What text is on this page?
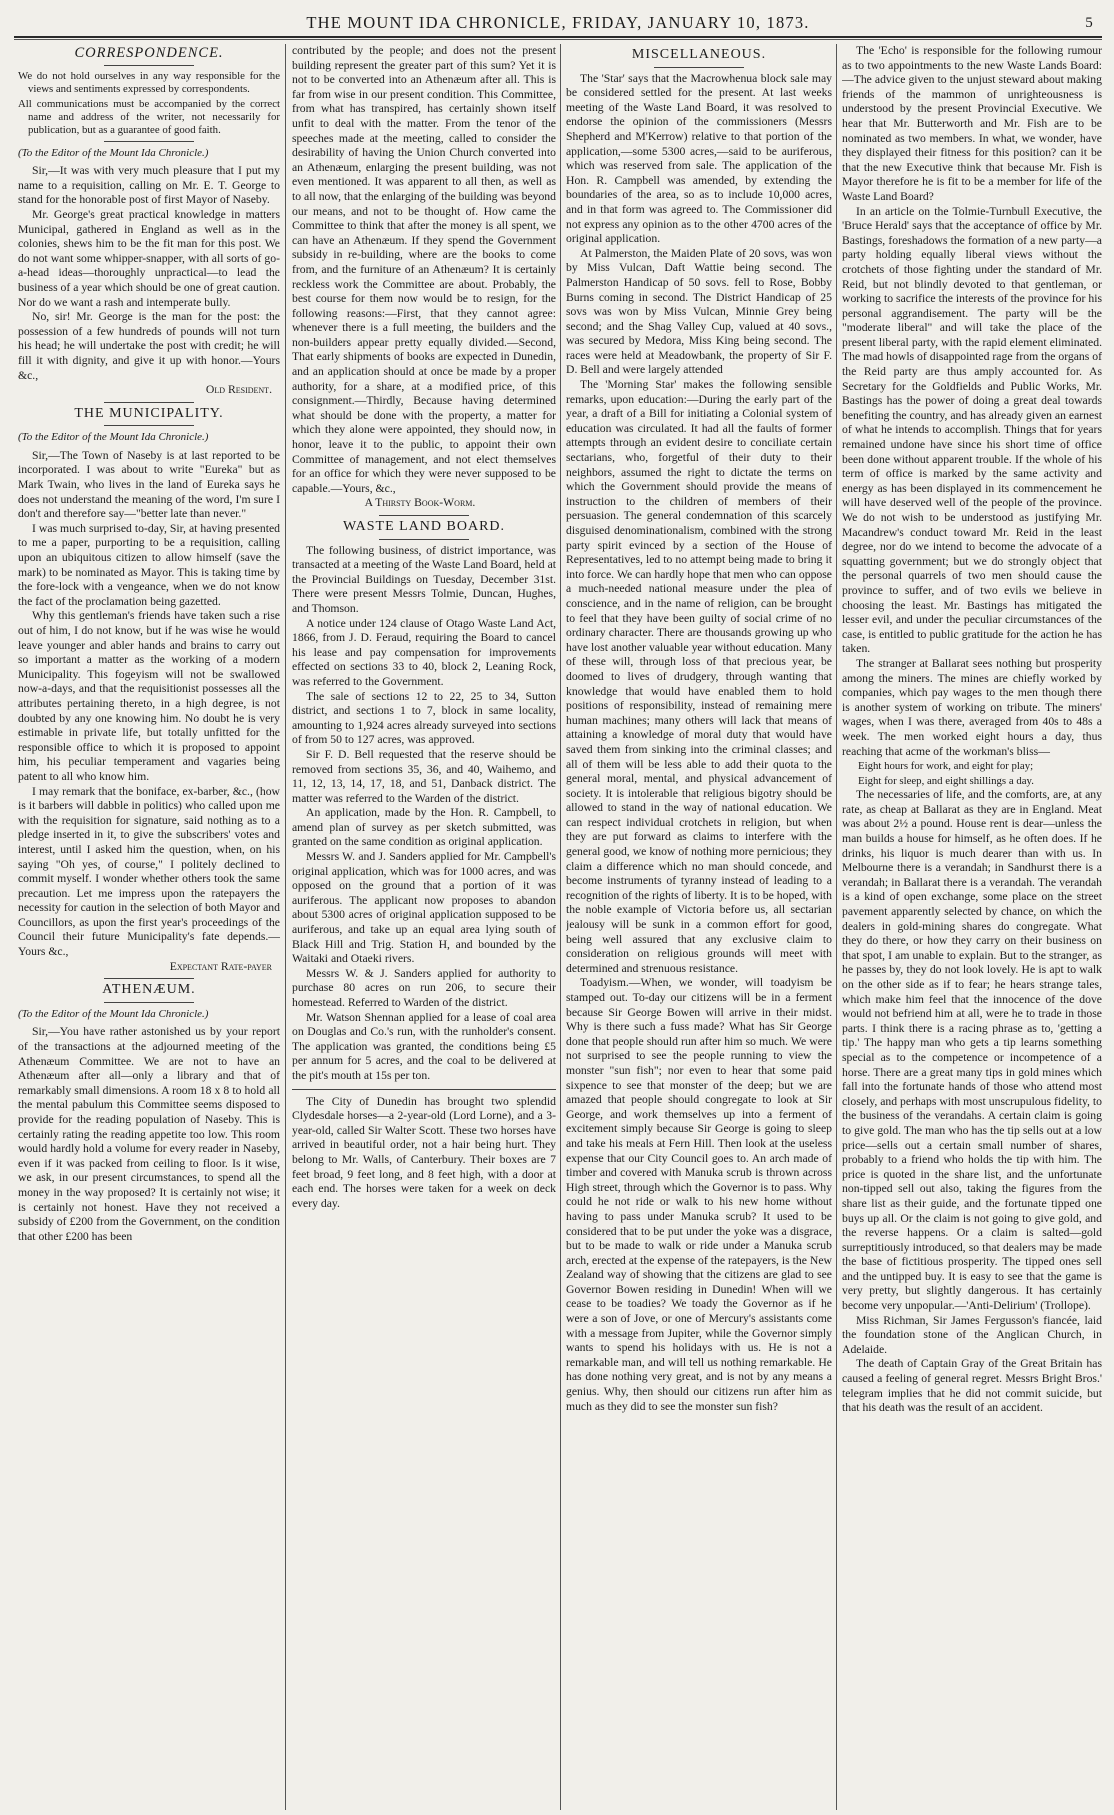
THE MOUNT IDA CHRONICLE, FRIDAY, JANUARY 10, 1873.	5
CORRESPONDENCE.

We do not hold ourselves in any way responsible for the views and sentiments expressed by correspondents.

All communications must be accompanied by the correct name and address of the writer, not necessarily for publication, but as a guarantee of good faith.

(To the Editor of the Mount Ida Chronicle.)

Sir,—It was with very much pleasure that I put my name to a requisition, calling on Mr. E. T. George to stand for the honorable post of first Mayor of Naseby.

Mr. George's great practical knowledge in matters Municipal, gathered in England as well as in the colonies, shews him to be the fit man for this post. We do not want some whipper-snapper, with all sorts of go-a-head ideas—thoroughly unpractical—to lead the business of a year which should be one of great caution. Nor do we want a rash and intemperate bully.

No, sir! Mr. George is the man for the post: the possession of a few hundreds of pounds will not turn his head; he will undertake the post with credit; he will fill it with dignity, and give it up with honor.—Yours &c.,

Old Resident.

THE MUNICIPALITY.

(To the Editor of the Mount Ida Chronicle.)

Sir,—The Town of Naseby is at last reported to be incorporated. I was about to write "Eureka" but as Mark Twain, who lives in the land of Eureka says he does not understand the meaning of the word, I'm sure I don't and therefore say—"better late than never."

I was much surprised to-day, Sir, at having presented to me a paper, purporting to be a requisition, calling upon an ubiquitous citizen to allow himself (save the mark) to be nominated as Mayor. This is taking time by the fore-lock with a vengeance, when we do not know the fact of the proclamation being gazetted.

Why this gentleman's friends have taken such a rise out of him, I do not know, but if he was wise he would leave younger and abler hands and brains to carry out so important a matter as the working of a modern Municipality. This fogeyism will not be swallowed now-a-days, and that the requisitionist possesses all the attributes pertaining thereto, in a high degree, is not doubted by any one knowing him. No doubt he is very estimable in private life, but totally unfitted for the responsible office to which it is proposed to appoint him, his peculiar temperament and vagaries being patent to all who know him.

I may remark that the boniface, ex-barber, &c., (how is it barbers will dabble in politics) who called upon me with the requisition for signature, said nothing as to a pledge inserted in it, to give the subscribers' votes and interest, until I asked him the question, when, on his saying "Oh yes, of course," I politely declined to commit myself. I wonder whether others took the same precaution. Let me impress upon the ratepayers the necessity for caution in the selection of both Mayor and Councillors, as upon the first year's proceedings of the Council their future Municipality's fate depends.—Yours &c.,

Expectant Rate-payer

ATHENÆUM.

(To the Editor of the Mount Ida Chronicle.)

Sir,—You have rather astonished us by your report of the transactions at the adjourned meeting of the Athenæum Committee. We are not to have an Athenæum after all—only a library and that of remarkably small dimensions. A room 18 x 8 to hold all the mental pabulum this Committee seems disposed to provide for the reading population of Naseby. This is certainly rating the reading appetite too low. This room would hardly hold a volume for every reader in Naseby, even if it was packed from ceiling to floor. Is it wise, we ask, in our present circumstances, to spend all the money in the way proposed? It is certainly not wise; it is certainly not honest. Have they not received a subsidy of £200 from the Government, on the condition that other £200 has been

contributed by the people; and does not the present building represent the greater part of this sum? Yet it is not to be converted into an Athenæum after all. This is far from wise in our present condition. This Committee, from what has transpired, has certainly shown itself unfit to deal with the matter. From the tenor of the speeches made at the meeting, called to consider the desirability of having the Union Church converted into an Athenæum, enlarging the present building, was not even mentioned. It was apparent to all then, as well as to all now, that the enlarging of the building was beyond our means, and not to be thought of. How came the Committee to think that after the money is all spent, we can have an Athenæum. If they spend the Government subsidy in re-building, where are the books to come from, and the furniture of an Athenæum? It is certainly reckless work the Committee are about. Probably, the best course for them now would be to resign, for the following reasons:—First, that they cannot agree: whenever there is a full meeting, the builders and the non-builders appear pretty equally divided.—Second, That early shipments of books are expected in Dunedin, and an application should at once be made by a proper authority, for a share, at a modified price, of this consignment.—Thirdly, Because having determined what should be done with the property, a matter for which they alone were appointed, they should now, in honor, leave it to the public, to appoint their own Committee of management, and not elect themselves for an office for which they were never supposed to be capable.—Yours, &c.,

A Thirsty Book-Worm.

WASTE LAND BOARD.

The following business, of district importance, was transacted at a meeting of the Waste Land Board, held at the Provincial Buildings on Tuesday, December 31st. There were present Messrs Tolmie, Duncan, Hughes, and Thomson.

A notice under 124 clause of Otago Waste Land Act, 1866, from J. D. Feraud, requiring the Board to cancel his lease and pay compensation for improvements effected on sections 33 to 40, block 2, Leaning Rock, was referred to the Government.

The sale of sections 12 to 22, 25 to 34, Sutton district, and sections 1 to 7, block in same locality, amounting to 1,924 acres already surveyed into sections of from 50 to 127 acres, was approved.

Sir F. D. Bell requested that the reserve should be removed from sections 35, 36, and 40, Waihemo, and 11, 12, 13, 14, 17, 18, and 51, Danback district. The matter was referred to the Warden of the district.

An application, made by the Hon. R. Campbell, to amend plan of survey as per sketch submitted, was granted on the same condition as original application.

Messrs W. and J. Sanders applied for Mr. Campbell's original application, which was for 1000 acres, and was opposed on the ground that a portion of it was auriferous. The applicant now proposes to abandon about 5300 acres of original application supposed to be auriferous, and take up an equal area lying south of Black Hill and Trig. Station H, and bounded by the Waitaki and Otaeki rivers.

Messrs W. & J. Sanders applied for authority to purchase 80 acres on run 206, to secure their homestead. Referred to Warden of the district.

Mr. Watson Shennan applied for a lease of coal area on Douglas and Co.'s run, with the runholder's consent. The application was granted, the conditions being £5 per annum for 5 acres, and the coal to be delivered at the pit's mouth at 15s per ton.

The City of Dunedin has brought two splendid Clydesdale horses—a 2-year-old (Lord Lorne), and a 3-year-old, called Sir Walter Scott. These two horses have arrived in beautiful order, not a hair being hurt. They belong to Mr. Walls, of Canterbury. Their boxes are 7 feet broad, 9 feet long, and 8 feet high, with a door at each end. The horses were taken for a week on deck every day.

MISCELLANEOUS.

The 'Star' says that the Macrowhenua block sale may be considered settled for the present. At last weeks meeting of the Waste Land Board, it was resolved to endorse the opinion of the commissioners (Messrs Shepherd and M'Kerrow) relative to that portion of the application,—some 5300 acres,—said to be auriferous, which was reserved from sale. The application of the Hon. R. Campbell was amended, by extending the boundaries of the area, so as to include 10,000 acres, and in that form was agreed to. The Commissioner did not express any opinion as to the other 4700 acres of the original application.

At Palmerston, the Maiden Plate of 20 sovs, was won by Miss Vulcan, Daft Wattie being second. The Palmerston Handicap of 50 sovs. fell to Rose, Bobby Burns coming in second. The District Handicap of 25 sovs was won by Miss Vulcan, Minnie Grey being second; and the Shag Valley Cup, valued at 40 sovs., was secured by Medora, Miss King being second. The races were held at Meadowbank, the property of Sir F. D. Bell and were largely attended

The 'Morning Star' makes the following sensible remarks, upon education:—During the early part of the year, a draft of a Bill for initiating a Colonial system of education was circulated. It had all the faults of former attempts through an evident desire to conciliate certain sectarians, who, forgetful of their duty to their neighbors, assumed the right to dictate the terms on which the Government should provide the means of instruction to the children of members of their persuasion. The general condemnation of this scarcely disguised denominationalism, combined with the strong party spirit evinced by a section of the House of Representatives, led to no attempt being made to bring it into force. We can hardly hope that men who can oppose a much-needed national measure under the plea of conscience, and in the name of religion, can be brought to feel that they have been guilty of social crime of no ordinary character. There are thousands growing up who have lost another valuable year without education. Many of these will, through loss of that precious year, be doomed to lives of drudgery, through wanting that knowledge that would have enabled them to hold positions of responsibility, instead of remaining mere human machines; many others will lack that means of attaining a knowledge of moral duty that would have saved them from sinking into the criminal classes; and all of them will be less able to add their quota to the general moral, mental, and physical advancement of society. It is intolerable that religious bigotry should be allowed to stand in the way of national education. We can respect individual crotchets in religion, but when they are put forward as claims to interfere with the general good, we know of nothing more pernicious; they claim a difference which no man should concede, and become instruments of tyranny instead of leading to a recognition of the rights of liberty. It is to be hoped, with the noble example of Victoria before us, all sectarian jealousy will be sunk in a common effort for good, being well assured that any exclusive claim to consideration on religious grounds will meet with determined and strenuous resistance.

Toadyism.—When, we wonder, will toadyism be stamped out. To-day our citizens will be in a ferment because Sir George Bowen will arrive in their midst. Why is there such a fuss made? What has Sir George done that people should run after him so much. We were not surprised to see the people running to view the monster "sun fish"; nor even to hear that some paid sixpence to see that monster of the deep; but we are amazed that people should congregate to look at Sir George, and work themselves up into a ferment of excitement simply because Sir George is going to sleep and take his meals at Fern Hill. Then look at the useless expense that our City Council goes to. An arch made of timber and covered with Manuka scrub is thrown across High street, through which the Governor is to pass. Why could he not ride or walk to his new home without having to pass under Manuka scrub? It used to be considered that to be put under the yoke was a disgrace, but to be made to walk or ride under a Manuka scrub arch, erected at the expense of the ratepayers, is the New Zealand way of showing that the citizens are glad to see Governor Bowen residing in Dunedin! When will we cease to be toadies? We toady the Governor as if he were a son of Jove, or one of Mercury's assistants come with a message from Jupiter, while the Governor simply wants to spend his holidays with us. He is not a remarkable man, and will tell us nothing remarkable. He has done nothing very great, and is not by any means a genius. Why, then should our citizens run after him as much as they did to see the monster sun fish?

The 'Echo' is responsible for the following rumour as to two appointments to the new Waste Lands Board:—The advice given to the unjust steward about making friends of the mammon of unrighteousness is understood by the present Provincial Executive. We hear that Mr. Butterworth and Mr. Fish are to be nominated as two members. In what, we wonder, have they displayed their fitness for this position? can it be that the new Executive think that because Mr. Fish is Mayor therefore he is fit to be a member for life of the Waste Land Board?

In an article on the Tolmie-Turnbull Executive, the 'Bruce Herald' says that the acceptance of office by Mr. Bastings, foreshadows the formation of a new party—a party holding equally liberal views without the crotchets of those fighting under the standard of Mr. Reid, but not blindly devoted to that gentleman, or working to sacrifice the interests of the province for his personal aggrandisement. The party will be the "moderate liberal" and will take the place of the present liberal party, with the rapid element eliminated. The mad howls of disappointed rage from the organs of the Reid party are thus amply accounted for. As Secretary for the Goldfields and Public Works, Mr. Bastings has the power of doing a great deal towards benefiting the country, and has already given an earnest of what he intends to accomplish. Things that for years remained undone have since his short time of office been done without apparent trouble. If the whole of his term of office is marked by the same activity and energy as has been displayed in its commencement he will have deserved well of the people of the province. We do not wish to be understood as justifying Mr. Macandrew's conduct toward Mr. Reid in the least degree, nor do we intend to become the advocate of a squatting government; but we do strongly object that the personal quarrels of two men should cause the province to suffer, and of two evils we believe in choosing the least. Mr. Bastings has mitigated the lesser evil, and under the peculiar circumstances of the case, is entitled to public gratitude for the action he has taken.

The stranger at Ballarat sees nothing but prosperity among the miners. The mines are chiefly worked by companies, which pay wages to the men though there is another system of working on tribute. The miners' wages, when I was there, averaged from 40s to 48s a week. The men worked eight hours a day, thus reaching that acme of the workman's bliss—

Eight hours for work, and eight for play;

Eight for sleep, and eight shillings a day.

The necessaries of life, and the comforts, are, at any rate, as cheap at Ballarat as they are in England. Meat was about 2½ a pound. House rent is dear—unless the man builds a house for himself, as he often does. If he drinks, his liquor is much dearer than with us. In Melbourne there is a verandah; in Sandhurst there is a verandah; in Ballarat there is a verandah. The verandah is a kind of open exchange, some place on the street pavement apparently selected by chance, on which the dealers in gold-mining shares do congregate. What they do there, or how they carry on their business on that spot, I am unable to explain. But to the stranger, as he passes by, they do not look lovely. He is apt to walk on the other side as if to fear; he hears strange tales, which make him feel that the innocence of the dove would not befriend him at all, were he to trade in those parts. I think there is a racing phrase as to, 'getting a tip.' The happy man who gets a tip learns something special as to the competence or incompetence of a horse. There are a great many tips in gold mines which fall into the fortunate hands of those who attend most closely, and perhaps with most unscrupulous fidelity, to the business of the verandahs. A certain claim is going to give gold. The man who has the tip sells out at a low price—sells out a certain small number of shares, probably to a friend who holds the tip with him. The price is quoted in the share list, and the unfortunate non-tipped sell out also, taking the figures from the share list as their guide, and the fortunate tipped one buys up all. Or the claim is not going to give gold, and the reverse happens. Or a claim is salted—gold surreptitiously introduced, so that dealers may be made the base of fictitious prosperity. The tipped ones sell and the untipped buy. It is easy to see that the game is very pretty, but slightly dangerous. It has certainly become very unpopular.—'Anti-Delirium' (Trollope).

Miss Richman, Sir James Fergusson's fiancée, laid the foundation stone of the Anglican Church, in Adelaide.

The death of Captain Gray of the Great Britain has caused a feeling of general regret. Messrs Bright Bros.' telegram implies that he did not commit suicide, but that his death was the result of an accident.
